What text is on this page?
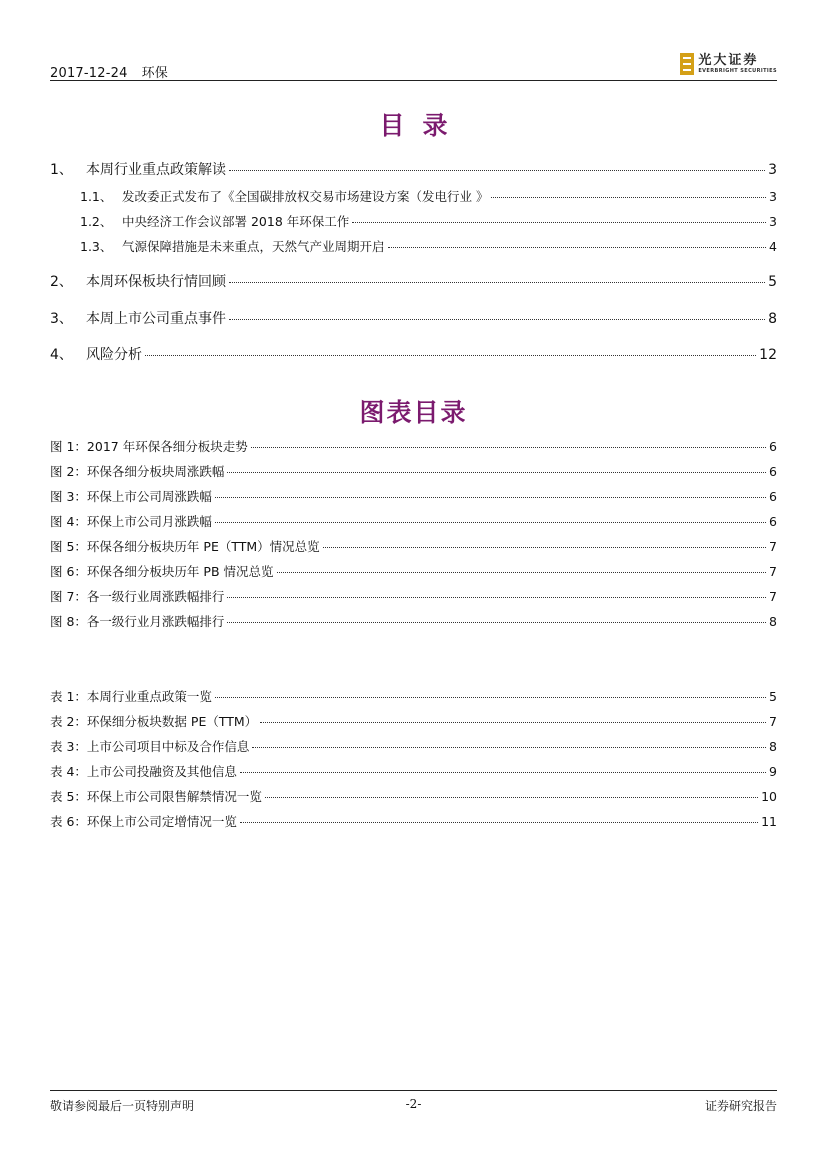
2017-12-24 环保
光大证券
EVERBRIGHT SECURITIES
目录
1、 本周行业重点政策解读	3
1.1、 发改委正式发布了《全国碳排放权交易市场建设方案（发电行业 》	3
1.2、 中央经济工作会议部署 2018 年环保工作	3
1.3、 气源保障措施是未来重点，天然气产业周期开启	4
2、 本周环保板块行情回顾	5
3、 本周上市公司重点事件	8
4、 风险分析	12
图表目录
图 1：2017 年环保各细分板块走势	6
图 2：环保各细分板块周涨跌幅	6
图 3：环保上市公司周涨跌幅	6
图 4：环保上市公司月涨跌幅	6
图 5：环保各细分板块历年 PE（TTM）情况总览	7
图 6：环保各细分板块历年 PB 情况总览	7
图 7：各一级行业周涨跌幅排行	7
图 8：各一级行业月涨跌幅排行	8
表 1：本周行业重点政策一览	5
表 2：环保细分板块数据 PE（TTM）	7
表 3：上市公司项目中标及合作信息	8
表 4：上市公司投融资及其他信息	9
表 5：环保上市公司限售解禁情况一览	10
表 6：环保上市公司定增情况一览	11
敬请参阅最后一页特别声明	-2-	证券研究报告
